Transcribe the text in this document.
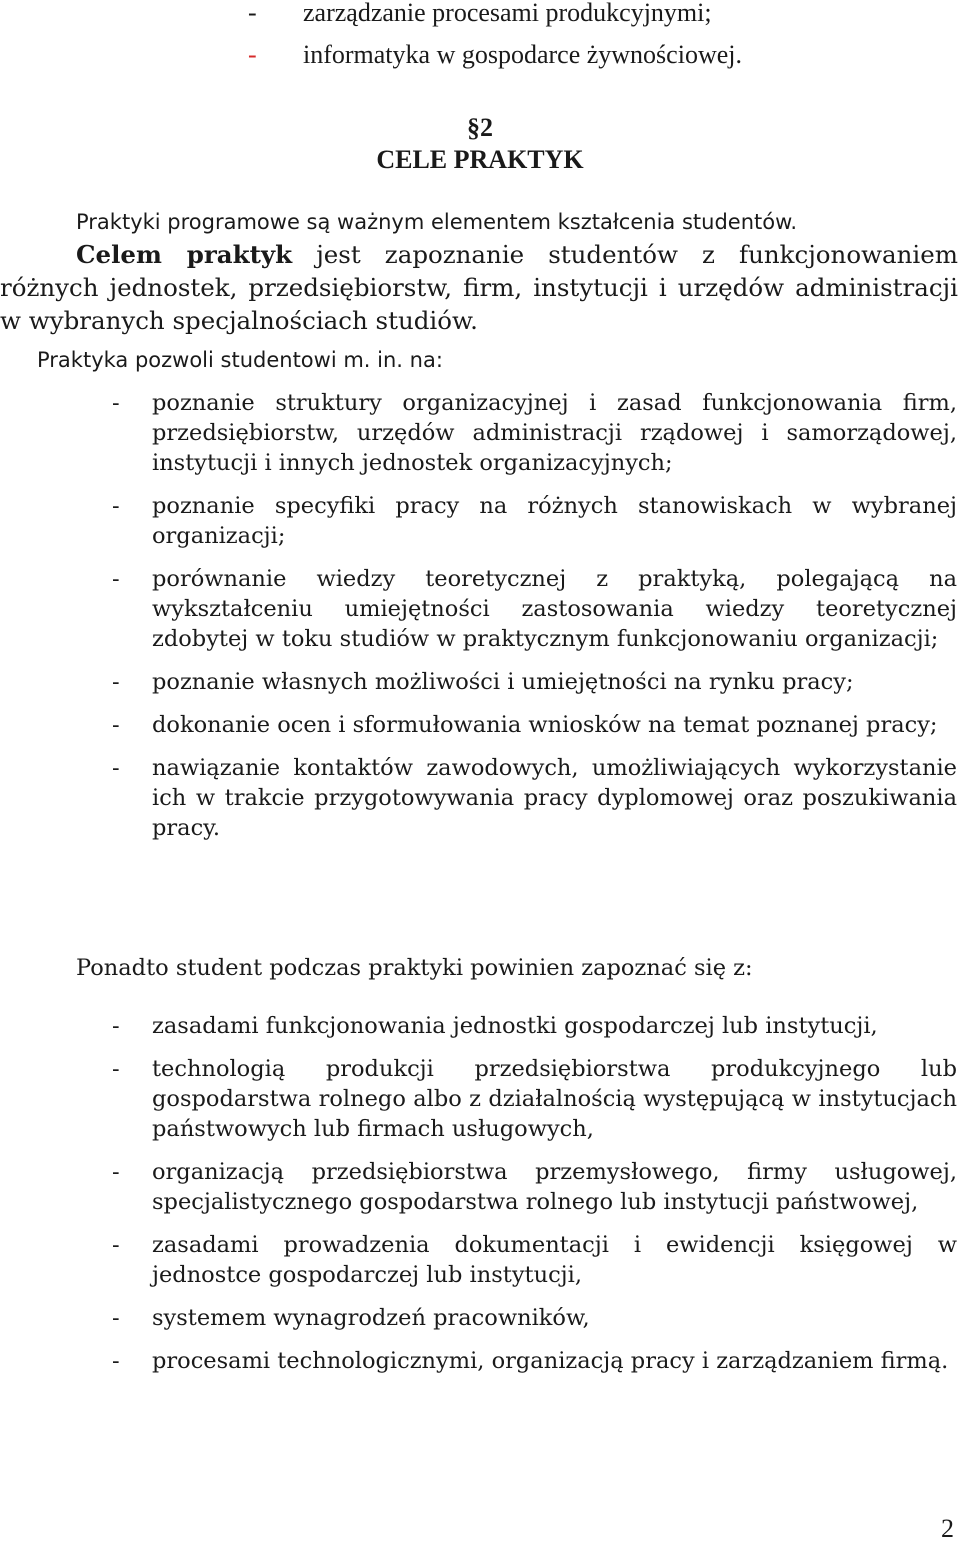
-	zarządzanie procesami produkcyjnymi;
-	informatyka w gospodarce żywnościowej.
§2
CELE PRAKTYK
Praktyki programowe są ważnym elementem kształcenia studentów.
Celem praktyk jest zapoznanie studentów z funkcjonowaniem różnych jednostek, przedsiębiorstw, firm, instytucji i urzędów administracji w wybranych specjalnościach studiów.
Praktyka pozwoli studentowi m. in. na:
-	poznanie struktury organizacyjnej i zasad funkcjonowania firm, przedsiębiorstw, urzędów administracji rządowej i samorządowej, instytucji i innych jednostek organizacyjnych;
-	poznanie specyfiki pracy na różnych stanowiskach w wybranej organizacji;
-	porównanie wiedzy teoretycznej z praktyką, polegającą na wykształceniu umiejętności zastosowania wiedzy teoretycznej zdobytej w toku studiów w praktycznym funkcjonowaniu organizacji;
-	poznanie własnych możliwości i umiejętności na rynku pracy;
-	dokonanie ocen i sformułowania wniosków na temat poznanej pracy;
-	nawiązanie kontaktów zawodowych, umożliwiających wykorzystanie ich w trakcie przygotowywania pracy dyplomowej oraz poszukiwania pracy.
Ponadto student podczas praktyki powinien zapoznać się z:
-	zasadami funkcjonowania jednostki gospodarczej lub instytucji,
-	technologią produkcji przedsiębiorstwa produkcyjnego lub gospodarstwa rolnego albo z działalnością występującą w instytucjach państwowych lub firmach usługowych,
-	organizacją przedsiębiorstwa przemysłowego, firmy usługowej, specjalistycznego gospodarstwa rolnego lub instytucji państwowej,
-	zasadami prowadzenia dokumentacji i ewidencji księgowej w jednostce gospodarczej lub instytucji,
-	systemem wynagrodzeń pracowników,
-	procesami technologicznymi, organizacją pracy i zarządzaniem firmą.
2
